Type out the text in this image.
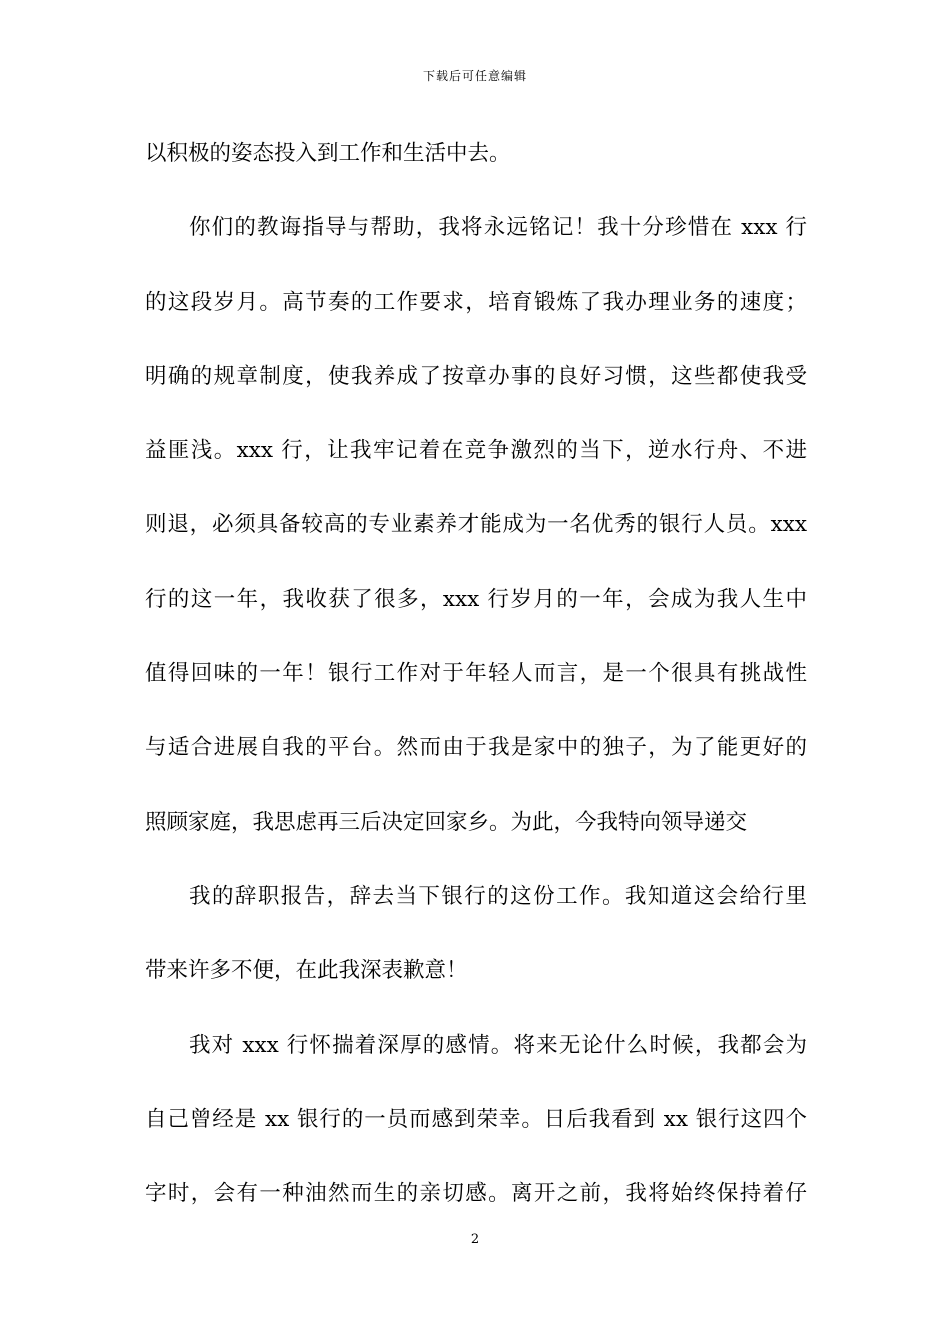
下载后可任意编辑
以积极的姿态投入到工作和生活中去。
你们的教诲指导与帮助，我将永远铭记！我十分珍惜在 xxx 行
的这段岁月。高节奏的工作要求，培育锻炼了我办理业务的速度；
明确的规章制度，使我养成了按章办事的良好习惯，这些都使我受
益匪浅。xxx 行，让我牢记着在竞争激烈的当下，逆水行舟、不进
则退，必须具备较高的专业素养才能成为一名优秀的银行人员。xxx
行的这一年，我收获了很多，xxx 行岁月的一年，会成为我人生中
值得回味的一年！银行工作对于年轻人而言，是一个很具有挑战性
与适合进展自我的平台。然而由于我是家中的独子，为了能更好的
照顾家庭，我思虑再三后决定回家乡。为此，今我特向领导递交
我的辞职报告，辞去当下银行的这份工作。我知道这会给行里
带来许多不便，在此我深表歉意！
我对 xxx 行怀揣着深厚的感情。将来无论什么时候，我都会为
自己曾经是 xx 银行的一员而感到荣幸。日后我看到 xx 银行这四个
字时，会有一种油然而生的亲切感。离开之前，我将始终保持着仔
2
